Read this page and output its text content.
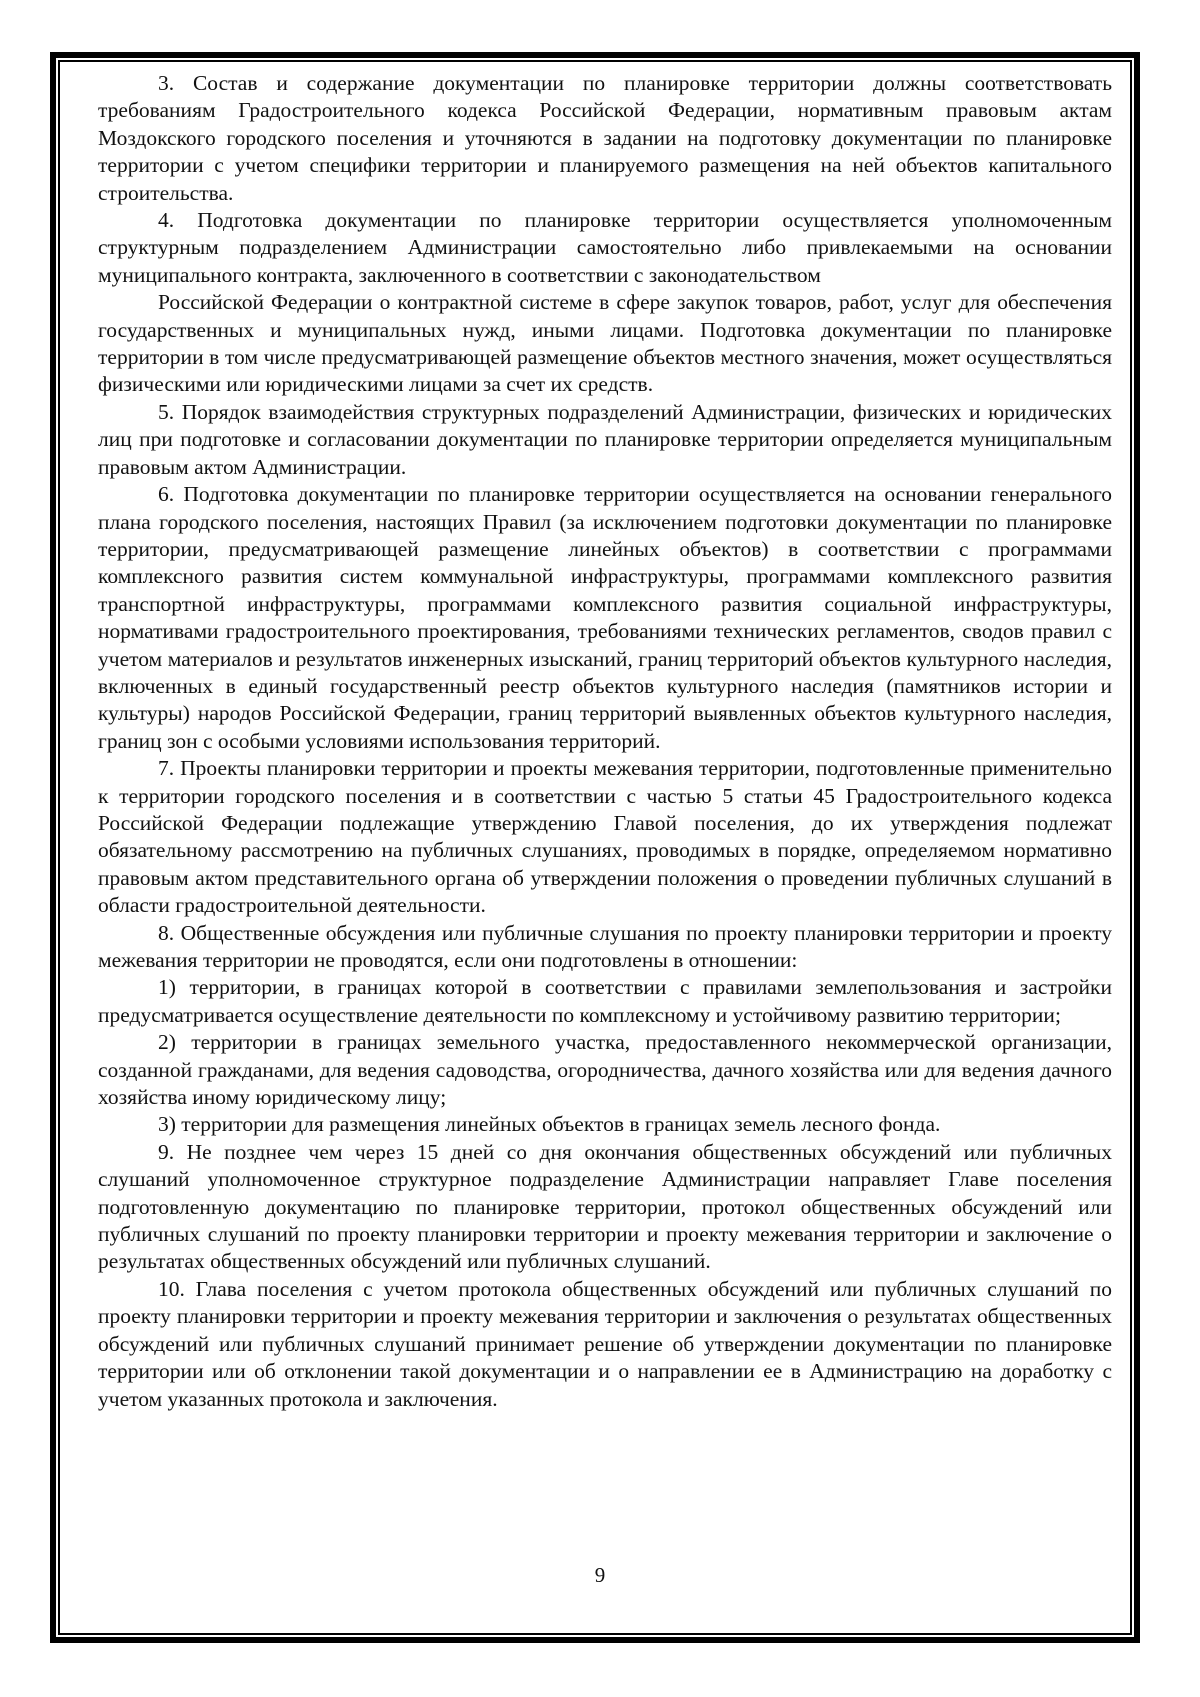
3. Состав и содержание документации по планировке территории должны соответствовать требованиям Градостроительного кодекса Российской Федерации, нормативным правовым актам Моздокского городского поселения и уточняются в задании на подготовку документации по планировке территории с учетом специфики территории и планируемого размещения на ней объектов капитального строительства.

4. Подготовка документации по планировке территории осуществляется уполномоченным структурным подразделением Администрации самостоятельно либо привлекаемыми на основании муниципального контракта, заключенного в соответствии с законодательством

Российской Федерации о контрактной системе в сфере закупок товаров, работ, услуг для обеспечения государственных и муниципальных нужд, иными лицами. Подготовка документации по планировке территории в том числе предусматривающей размещение объектов местного значения, может осуществляться физическими или юридическими лицами за счет их средств.

5. Порядок взаимодействия структурных подразделений Администрации, физических и юридических лиц при подготовке и согласовании документации по планировке территории определяется муниципальным правовым актом Администрации.

6. Подготовка документации по планировке территории осуществляется на основании генерального плана городского поселения, настоящих Правил (за исключением подготовки документации по планировке территории, предусматривающей размещение линейных объектов) в соответствии с программами комплексного развития систем коммунальной инфраструктуры, программами комплексного развития транспортной инфраструктуры, программами комплексного развития социальной инфраструктуры, нормативами градостроительного проектирования, требованиями технических регламентов, сводов правил с учетом материалов и результатов инженерных изысканий, границ территорий объектов культурного наследия, включенных в единый государственный реестр объектов культурного наследия (памятников истории и культуры) народов Российской Федерации, границ территорий выявленных объектов культурного наследия, границ зон с особыми условиями использования территорий.

7. Проекты планировки территории и проекты межевания территории, подготовленные применительно к территории городского поселения и в соответствии с частью 5 статьи 45 Градостроительного кодекса Российской Федерации подлежащие утверждению Главой поселения, до их утверждения подлежат обязательному рассмотрению на публичных слушаниях, проводимых в порядке, определяемом нормативно правовым актом представительного органа об утверждении положения о проведении публичных слушаний в области градостроительной деятельности.

8. Общественные обсуждения или публичные слушания по проекту планировки территории и проекту межевания территории не проводятся, если они подготовлены в отношении:

1) территории, в границах которой в соответствии с правилами землепользования и застройки предусматривается осуществление деятельности по комплексному и устойчивому развитию территории;

2) территории в границах земельного участка, предоставленного некоммерческой организации, созданной гражданами, для ведения садоводства, огородничества, дачного хозяйства или для ведения дачного хозяйства иному юридическому лицу;

3) территории для размещения линейных объектов в границах земель лесного фонда.

9. Не позднее чем через 15 дней со дня окончания общественных обсуждений или публичных слушаний уполномоченное структурное подразделение Администрации направляет Главе поселения подготовленную документацию по планировке территории, протокол общественных обсуждений или публичных слушаний по проекту планировки территории и проекту межевания территории и заключение о результатах общественных обсуждений или публичных слушаний.

10. Глава поселения с учетом протокола общественных обсуждений или публичных слушаний по проекту планировки территории и проекту межевания территории и заключения о результатах общественных обсуждений или публичных слушаний принимает решение об утверждении документации по планировке территории или об отклонении такой документации и о направлении ее в Администрацию на доработку с учетом указанных протокола и заключения.

9
